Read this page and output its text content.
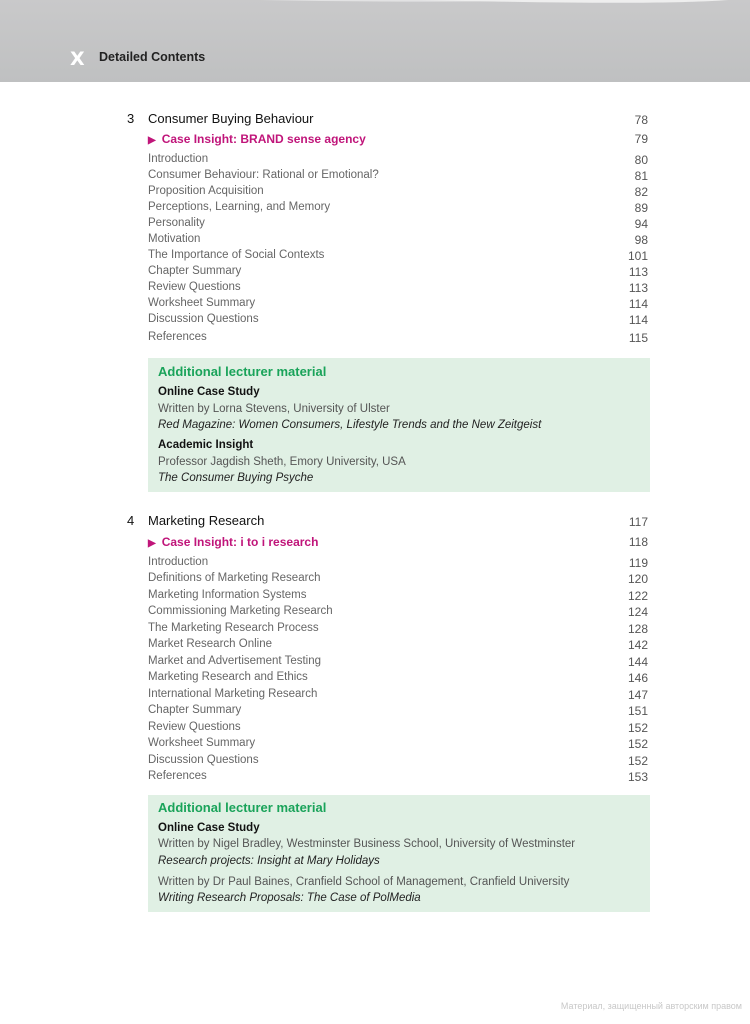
X Detailed Contents
3 Consumer Buying Behaviour	78
▶ Case Insight: BRAND sense agency	79
Introduction	80
Consumer Behaviour: Rational or Emotional?	81
Proposition Acquisition	82
Perceptions, Learning, and Memory	89
Personality	94
Motivation	98
The Importance of Social Contexts	101
Chapter Summary	113
Review Questions	113
Worksheet Summary	114
Discussion Questions	114
References	115
Additional lecturer material
Online Case Study
Written by Lorna Stevens, University of Ulster
Red Magazine: Women Consumers, Lifestyle Trends and the New Zeitgeist
Academic Insight
Professor Jagdish Sheth, Emory University, USA
The Consumer Buying Psyche
4 Marketing Research	117
▶ Case Insight: i to i research	118
Introduction	119
Definitions of Marketing Research	120
Marketing Information Systems	122
Commissioning Marketing Research	124
The Marketing Research Process	128
Market Research Online	142
Market and Advertisement Testing	144
Marketing Research and Ethics	146
International Marketing Research	147
Chapter Summary	151
Review Questions	152
Worksheet Summary	152
Discussion Questions	152
References	153
Additional lecturer material
Online Case Study
Written by Nigel Bradley, Westminster Business School, University of Westminster
Research projects: Insight at Mary Holidays
Written by Dr Paul Baines, Cranfield School of Management, Cranfield University
Writing Research Proposals: The Case of PolMedia
Материал, защищенный авторским правом
